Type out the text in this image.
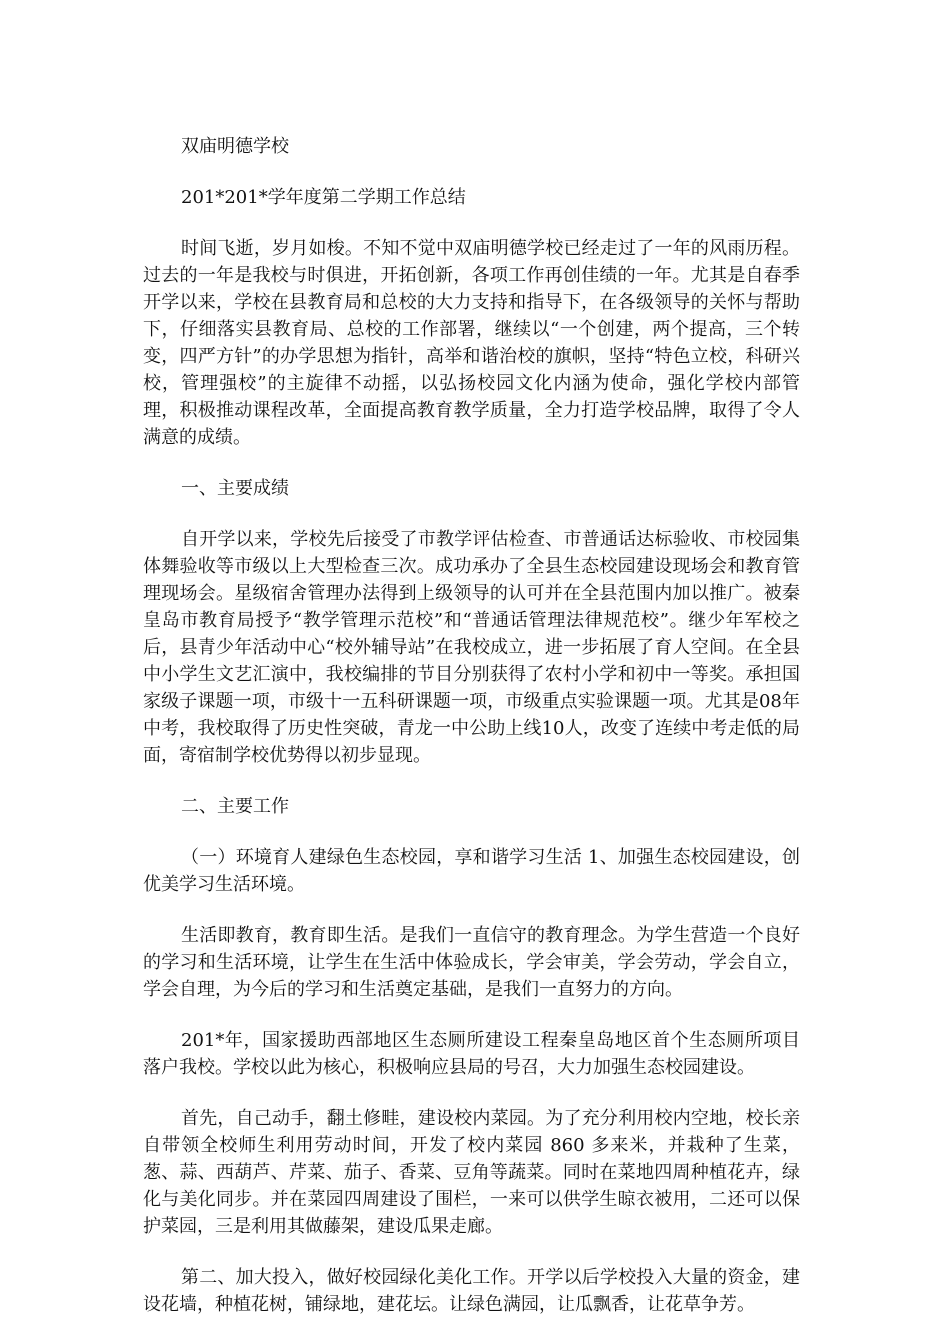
双庙明德学校

201*201*学年度第二学期工作总结

时间飞逝，岁月如梭。不知不觉中双庙明德学校已经走过了一年的风雨历程。过去的一年是我校与时俱进，开拓创新，各项工作再创佳绩的一年。尤其是自春季开学以来，学校在县教育局和总校的大力支持和指导下，在各级领导的关怀与帮助下，仔细落实县教育局、总校的工作部署，继续以“一个创建，两个提高，三个转变，四严方针”的办学思想为指针，高举和谐治校的旗帜，坚持“特色立校，科研兴校，管理强校”的主旋律不动摇，以弘扬校园文化内涵为使命，强化学校内部管理，积极推动课程改革，全面提高教育教学质量，全力打造学校品牌，取得了令人满意的成绩。

一、主要成绩

自开学以来，学校先后接受了市教学评估检查、市普通话达标验收、市校园集体舞验收等市级以上大型检查三次。成功承办了全县生态校园建设现场会和教育管理现场会。星级宿舍管理办法得到上级领导的认可并在全县范围内加以推广。被秦皇岛市教育局授予“教学管理示范校”和“普通话管理法律规范校”。继少年军校之后，县青少年活动中心“校外辅导站”在我校成立，进一步拓展了育人空间。在全县中小学生文艺汇演中，我校编排的节目分别获得了农村小学和初中一等奖。承担国家级子课题一项，市级十一五科研课题一项，市级重点实验课题一项。尤其是08年中考，我校取得了历史性突破，青龙一中公助上线10人，改变了连续中考走低的局面，寄宿制学校优势得以初步显现。

二、主要工作

（一）环境育人建绿色生态校园，享和谐学习生活 1、加强生态校园建设，创优美学习生活环境。

生活即教育，教育即生活。是我们一直信守的教育理念。为学生营造一个良好的学习和生活环境，让学生在生活中体验成长，学会审美，学会劳动，学会自立，学会自理，为今后的学习和生活奠定基础，是我们一直努力的方向。

201*年，国家援助西部地区生态厕所建设工程秦皇岛地区首个生态厕所项目落户我校。学校以此为核心，积极响应县局的号召，大力加强生态校园建设。

首先，自己动手，翻土修畦，建设校内菜园。为了充分利用校内空地，校长亲自带领全校师生利用劳动时间，开发了校内菜园 860 多来米，并栽种了生菜，葱、蒜、西葫芦、芹菜、茄子、香菜、豆角等蔬菜。同时在菜地四周种植花卉，绿化与美化同步。并在菜园四周建设了围栏，一来可以供学生晾衣被用，二还可以保护菜园，三是利用其做藤架，建设瓜果走廊。

第二、加大投入，做好校园绿化美化工作。开学以后学校投入大量的资金，建设花墙，种植花树，铺绿地，建花坛。让绿色满园，让瓜飘香，让花草争芳。
